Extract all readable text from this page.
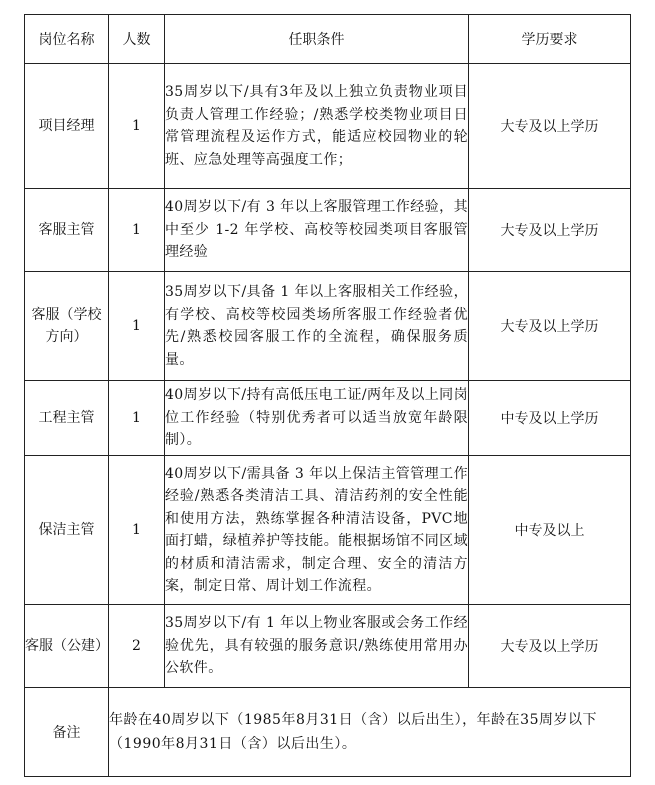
岗位名称	人数	任职条件	学历要求
项目经理	1	35周岁以下/具有3年及以上独立负责物业项目负责人管理工作经验；/熟悉学校类物业项目日常管理流程及运作方式，能适应校园物业的轮班、应急处理等高强度工作；	大专及以上学历
客服主管	1	40周岁以下/有 3 年以上客服管理工作经验，其中至少 1-2 年学校、高校等校园类项目客服管理经验	大专及以上学历
客服（学校方向）	1	35周岁以下/具备 1 年以上客服相关工作经验，有学校、高校等校园类场所客服工作经验者优先/熟悉校园客服工作的全流程，确保服务质量。	大专及以上学历
工程主管	1	40周岁以下/持有高低压电工证/两年及以上同岗位工作经验（特别优秀者可以适当放宽年龄限制）。	中专及以上学历
保洁主管	1	40周岁以下/需具备 3 年以上保洁主管管理工作经验/熟悉各类清洁工具、清洁药剂的安全性能和使用方法，熟练掌握各种清洁设备，PVC地面打蜡，绿植养护等技能。能根据场馆不同区域的材质和清洁需求，制定合理、安全的清洁方案，制定日常、周计划工作流程。	中专及以上
客服（公建）	2	35周岁以下/有 1 年以上物业客服或会务工作经验优先，具有较强的服务意识/熟练使用常用办公软件。	大专及以上学历
备注	年龄在40周岁以下（1985年8月31日（含）以后出生），年龄在35周岁以下（1990年8月31日（含）以后出生）。		
